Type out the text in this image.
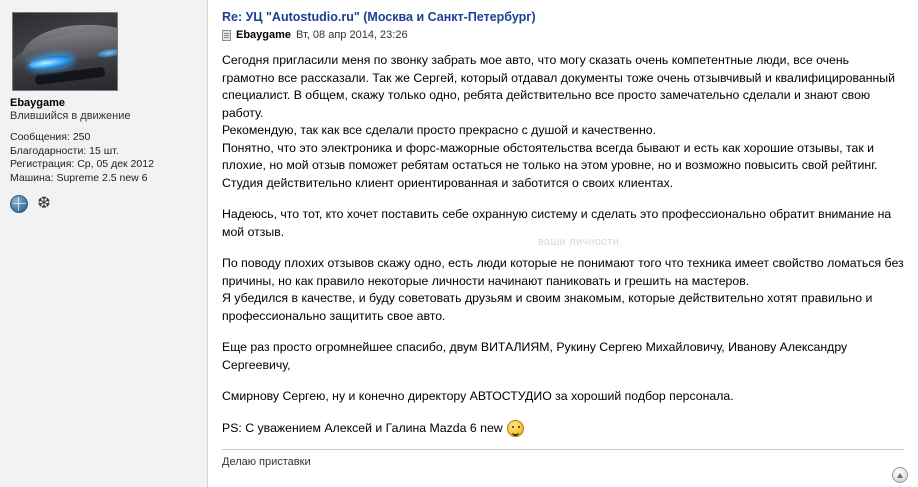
Ebaygame
Влившийся в движение
Сообщения: 250
Благодарности: 15 шт.
Регистрация: Ср, 05 дек 2012
Машина: Supreme 2.5 new 6
❆
Re: УЦ "Autostudio.ru" (Москва и Санкт-Петербург)
Ebaygame Вт, 08 апр 2014, 23:26

Сегодня пригласили меня по звонку забрать мое авто, что могу сказать очень компетентные люди, все очень грамотно все рассказали. Так же Сергей, который отдавал документы тоже очень отзывчивый и квалифицированный специалист. В общем, скажу только одно, ребята действительно все просто замечательно сделали и знают свою работу.

Рекомендую, так как все сделали просто прекрасно с душой и качественно.

Понятно, что это электроника и форс-мажорные обстоятельства всегда бывают и есть как хорошие отзывы, так и плохие, но мой отзыв поможет ребятам остаться не только на этом уровне, но и возможно повысить свой рейтинг.

Студия действительно клиент ориентированная и заботится о своих клиентах.

Надеюсь, что тот, кто хочет поставить себе охранную систему и сделать это профессионально обратит внимание на мой отзыв.

По поводу плохих отзывов скажу одно, есть люди которые не понимают того что техника имеет свойство ломаться без причины, но как правило некоторые личности начинают паниковать и грешить на мастеров.

Я убедился в качестве, и буду советовать друзьям и своим знакомым, которые действительно хотят правильно и профессионально защитить свое авто.

Еще раз просто огромнейшее спасибо, двум ВИТАЛИЯМ, Рукину Сергею Михайловичу, Иванову Александру Сергеевичу,

Смирнову Сергею, ну и конечно директору АВТОСТУДИО за хороший подбор персонала.

PS: С уважением Алексей и Галина Mazda 6 new
ваши личности
Делаю приставки
